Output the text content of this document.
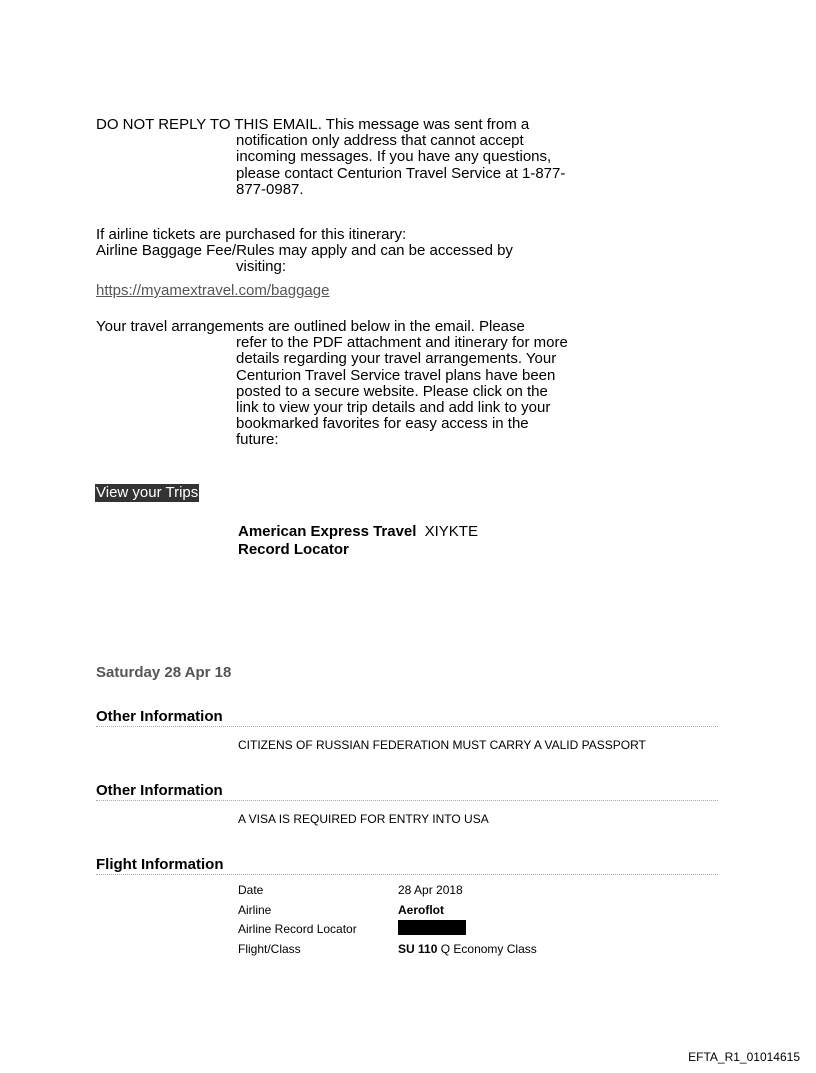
DO NOT REPLY TO THIS EMAIL. This message was sent from a
notification only address that cannot accept
incoming messages. If you have any questions,
please contact Centurion Travel Service at 1-877-
877-0987.
If airline tickets are purchased for this itinerary:
Airline Baggage Fee/Rules may apply and can be accessed by
visiting:
https://myamextravel.com/baggage
Your travel arrangements are outlined below in the email. Please
refer to the PDF attachment and itinerary for more
details regarding your travel arrangements. Your
Centurion Travel Service travel plans have been
posted to a secure website. Please click on the
link to view your trip details and add link to your
bookmarked favorites for easy access in the
future:
View your Trips
American Express Travel XIYKTE
Record Locator
Saturday 28 Apr 18
Other Information
CITIZENS OF RUSSIAN FEDERATION MUST CARRY A VALID PASSPORT
Other Information
A VISA IS REQUIRED FOR ENTRY INTO USA
Flight Information
Date	28 Apr 2018
Airline	Aeroflot
Airline Record Locator
Flight/Class	SU 110 Q Economy Class
EFTA_R1_01014615
